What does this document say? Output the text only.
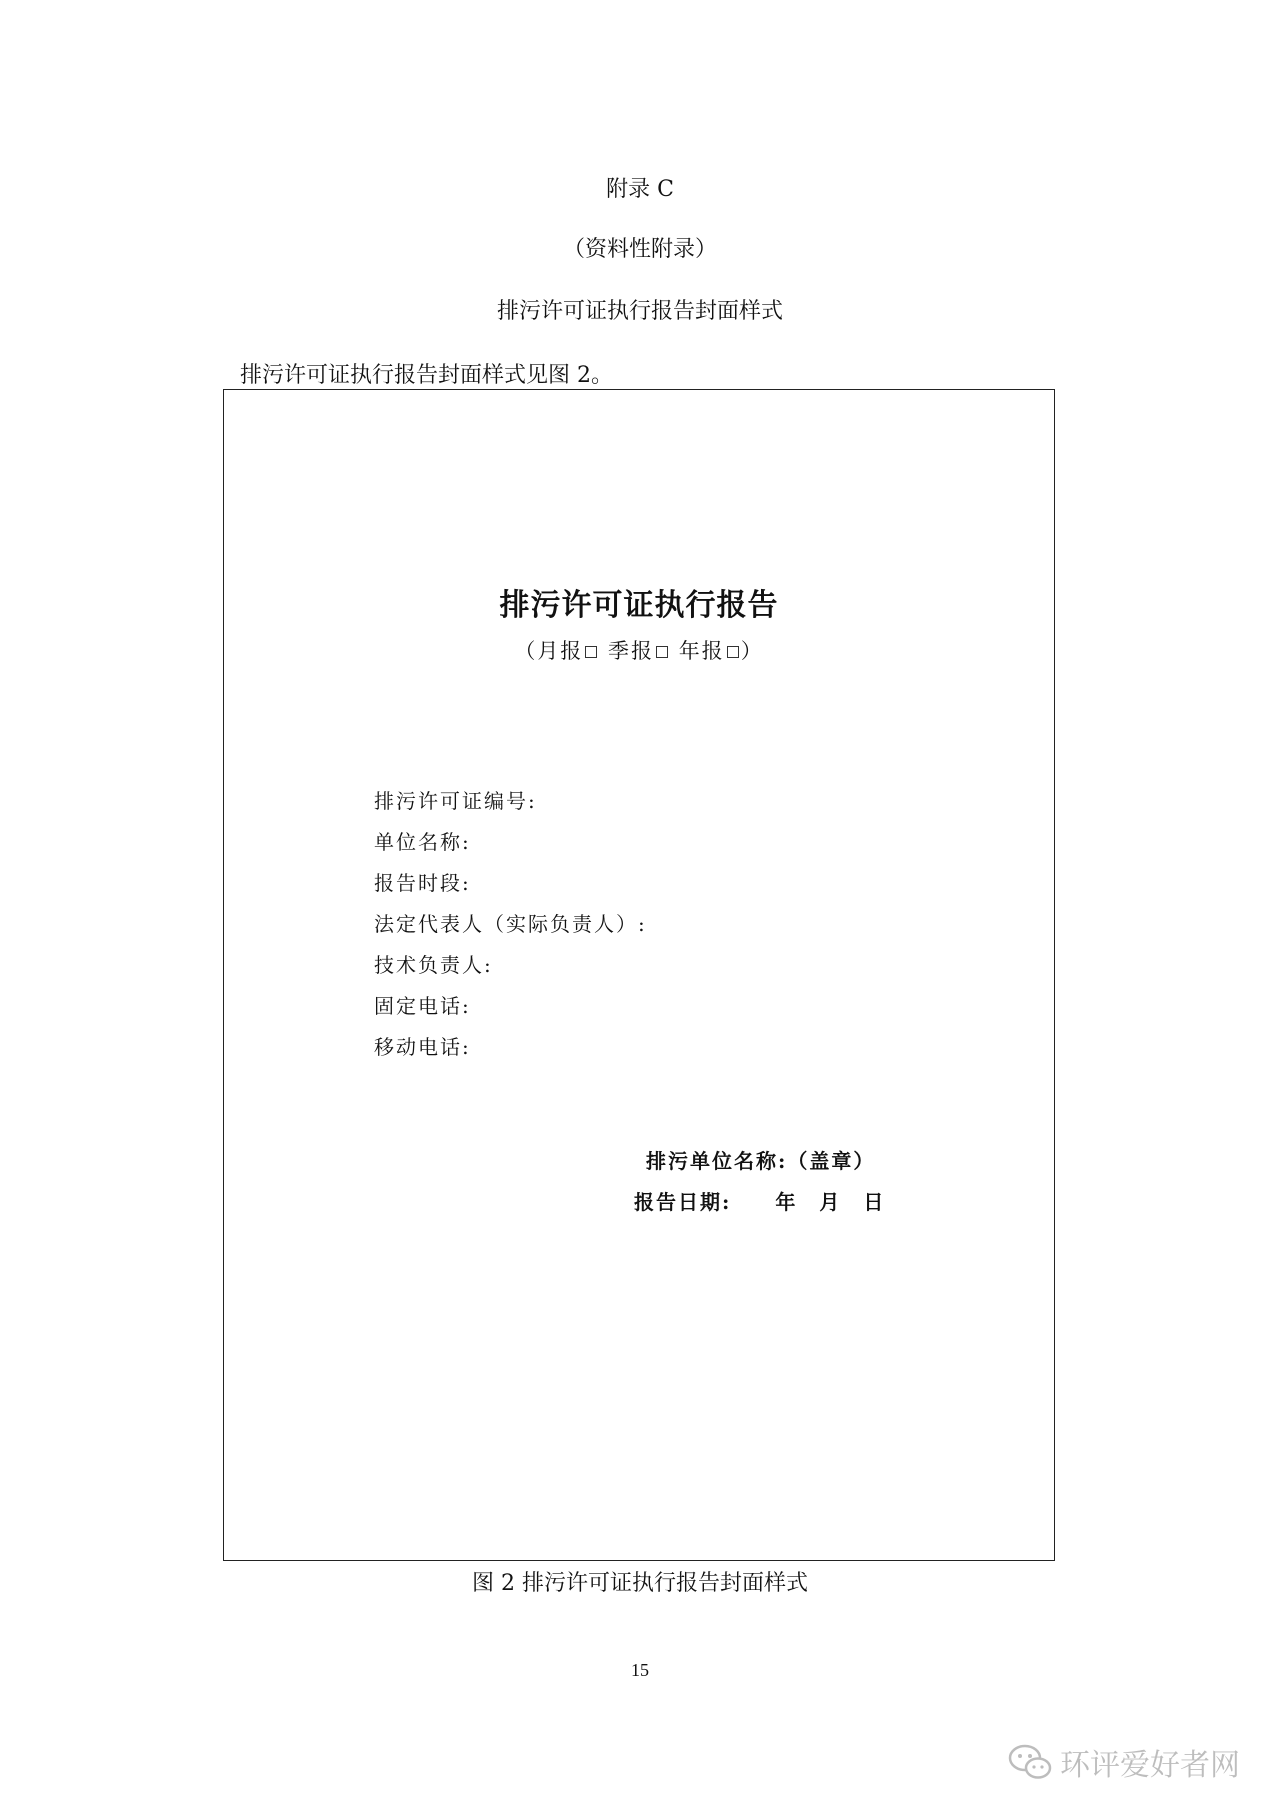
附录 C
（资料性附录）
排污许可证执行报告封面样式
排污许可证执行报告封面样式见图 2。
排污许可证执行报告
（月报 季报 年报 ）
排污许可证编号:
单位名称:
报告时段:
法定代表人（实际负责人）:
技术负责人:
固定电话:
移动电话:
排污单位名称:（盖章）
报告日期:　　年　月　日
图 2 排污许可证执行报告封面样式
15
环评爱好者网
